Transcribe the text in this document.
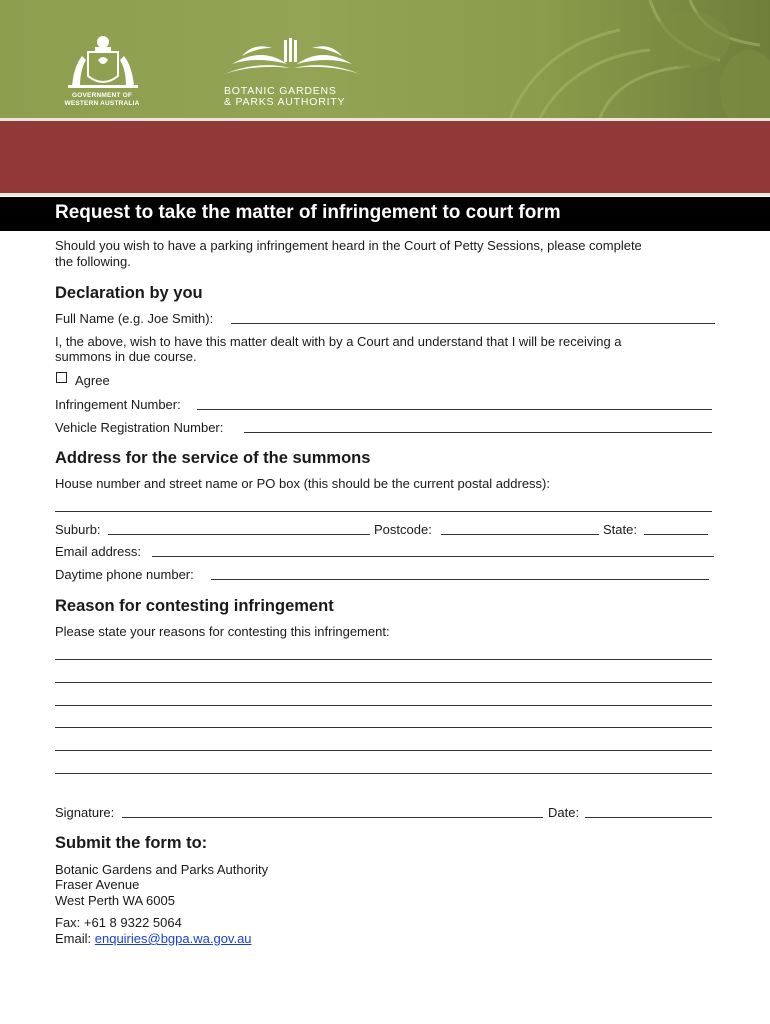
GOVERNMENT OF
WESTERN AUSTRALIA
BOTANIC GARDENS
& PARKS AUTHORITY
Request to take the matter of infringement to court form
Should you wish to have a parking infringement heard in the Court of Petty Sessions, please complete
the following.
Declaration by you
Full Name (e.g. Joe Smith):
I, the above, wish to have this matter dealt with by a Court and understand that I will be receiving a
summons in due course.
Agree
Infringement Number:
Vehicle Registration Number:
Address for the service of the summons
House number and street name or PO box (this should be the current postal address):
Suburb:	Postcode:	State:
Email address:
Daytime phone number:
Reason for contesting infringement
Please state your reasons for contesting this infringement:
Signature:	Date:
Submit the form to:
Botanic Gardens and Parks Authority
Fraser Avenue
West Perth WA 6005
Fax: +61 8 9322 5064
Email: enquiries@bgpa.wa.gov.au
